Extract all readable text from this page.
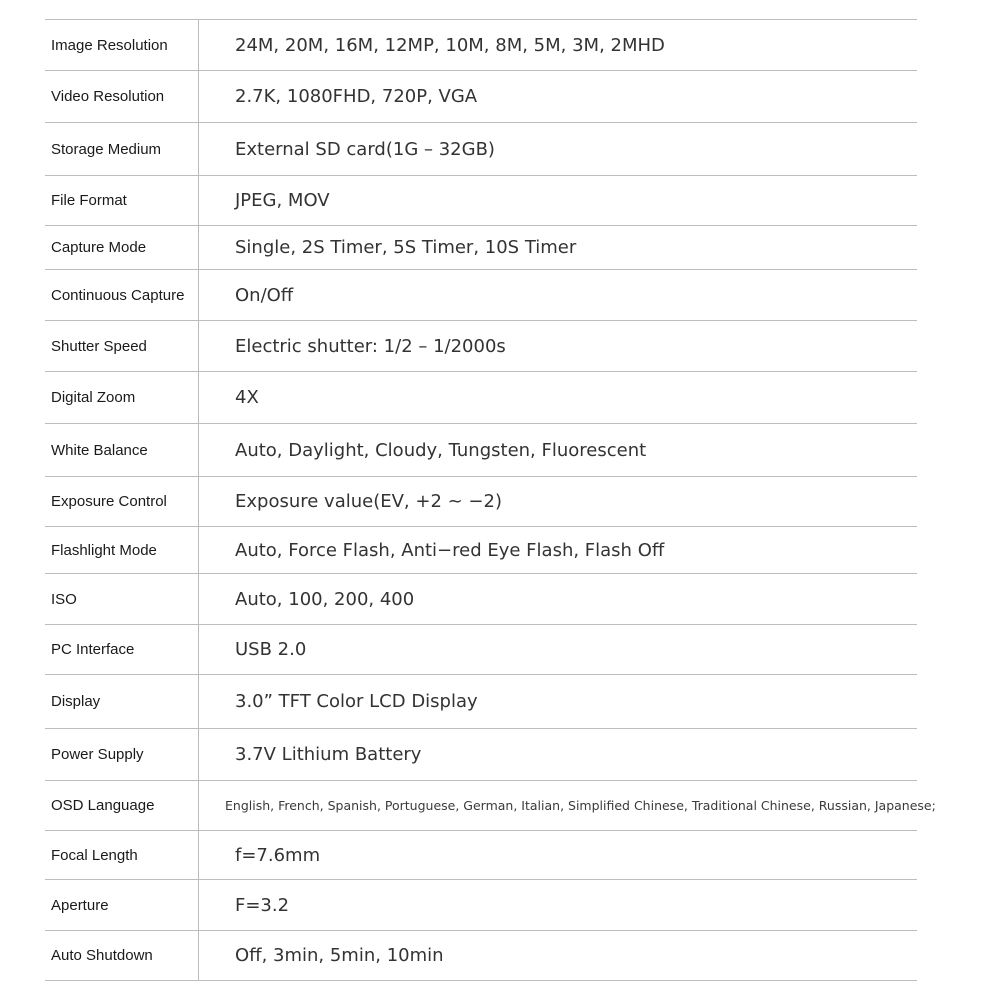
Image Resolution	24M, 20M, 16M, 12MP, 10M, 8M, 5M, 3M, 2MHD
Video Resolution	2.7K, 1080FHD, 720P, VGA
Storage Medium	External SD card(1G – 32GB)
File Format	JPEG, MOV
Capture Mode	Single, 2S Timer, 5S Timer, 10S Timer
Continuous Capture	On/Off
Shutter Speed	Electric shutter: 1/2 – 1/2000s
Digital Zoom	4X
White Balance	Auto, Daylight, Cloudy, Tungsten, Fluorescent
Exposure Control	Exposure value(EV, +2 ~ −2)
Flashlight Mode	Auto, Force Flash, Anti−red Eye Flash, Flash Off
ISO	Auto, 100, 200, 400
PC Interface	USB 2.0
Display	3.0” TFT Color LCD Display
Power Supply	3.7V Lithium Battery
OSD Language	English, French, Spanish, Portuguese, German, Italian, Simplified Chinese, Traditional Chinese, Russian, Japanese;
Focal Length	f=7.6mm
Aperture	F=3.2
Auto Shutdown	Off, 3min, 5min, 10min
